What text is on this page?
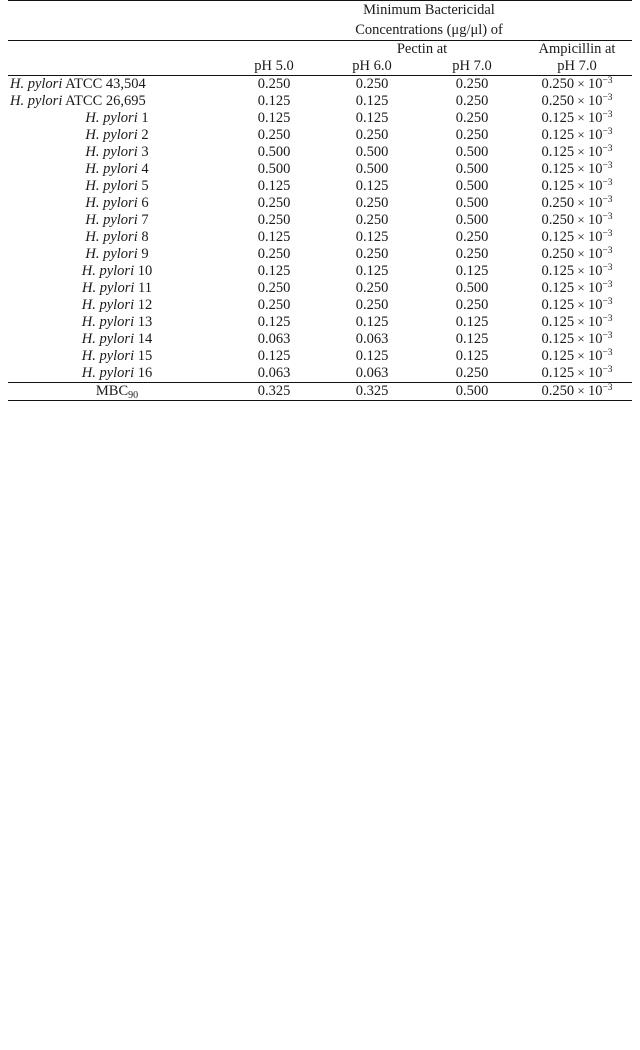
	Minimum Bactericidal
Concentrations (μg/μl) of			
		Pectin at		Ampicillin at
	pH 5.0	pH 6.0	pH 7.0	pH 7.0
H. pylori ATCC 43,504	0.250	0.250	0.250	$0.250 \times 10^{-3}$
H. pylori ATCC 26,695	0.125	0.125	0.250	$0.250 \times 10^{-3}$
H. pylori 1	0.125	0.125	0.250	$0.125 \times 10^{-3}$
H. pylori 2	0.250	0.250	0.250	$0.125 \times 10^{-3}$
H. pylori 3	0.500	0.500	0.500	$0.125 \times 10^{-3}$
H. pylori 4	0.500	0.500	0.500	$0.125 \times 10^{-3}$
H. pylori 5	0.125	0.125	0.500	$0.125 \times 10^{-3}$
H. pylori 6	0.250	0.250	0.500	$0.250 \times 10^{-3}$
H. pylori 7	0.250	0.250	0.500	$0.250 \times 10^{-3}$
H. pylori 8	0.125	0.125	0.250	$0.125 \times 10^{-3}$
H. pylori 9	0.250	0.250	0.250	$0.250 \times 10^{-3}$
H. pylori 10	0.125	0.125	0.125	$0.125 \times 10^{-3}$
H. pylori 11	0.250	0.250	0.500	$0.125 \times 10^{-3}$
H. pylori 12	0.250	0.250	0.250	$0.125 \times 10^{-3}$
H. pylori 13	0.125	0.125	0.125	$0.125 \times 10^{-3}$
H. pylori 14	0.063	0.063	0.125	$0.125 \times 10^{-3}$
H. pylori 15	0.125	0.125	0.125	$0.125 \times 10^{-3}$
H. pylori 16	0.063	0.063	0.250	$0.125 \times 10^{-3}$
$MBC_{90}$	0.325	0.325	0.500	$0.250 \times 10^{-3}$
